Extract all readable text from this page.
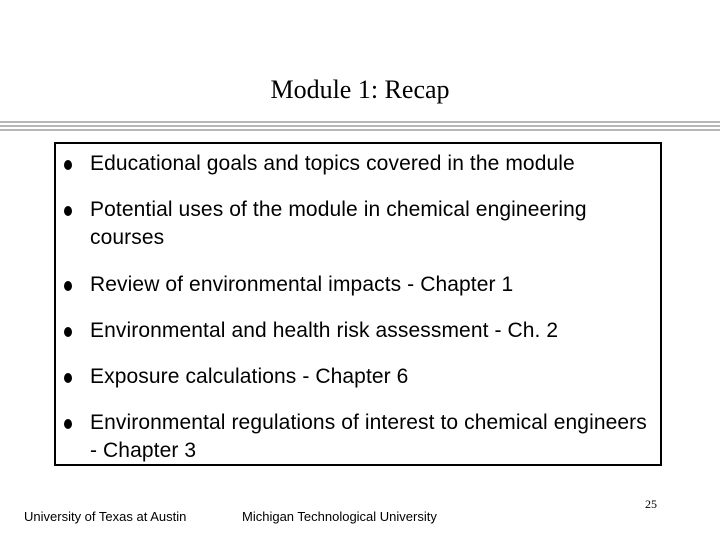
Module 1: Recap
Educational goals and topics covered in the module
Potential uses of the module in chemical engineering courses
Review of environmental impacts - Chapter 1
Environmental and health risk assessment - Ch. 2
Exposure calculations - Chapter 6
Environmental regulations of interest to chemical engineers - Chapter 3
University of Texas at Austin	Michigan Technological University
25
